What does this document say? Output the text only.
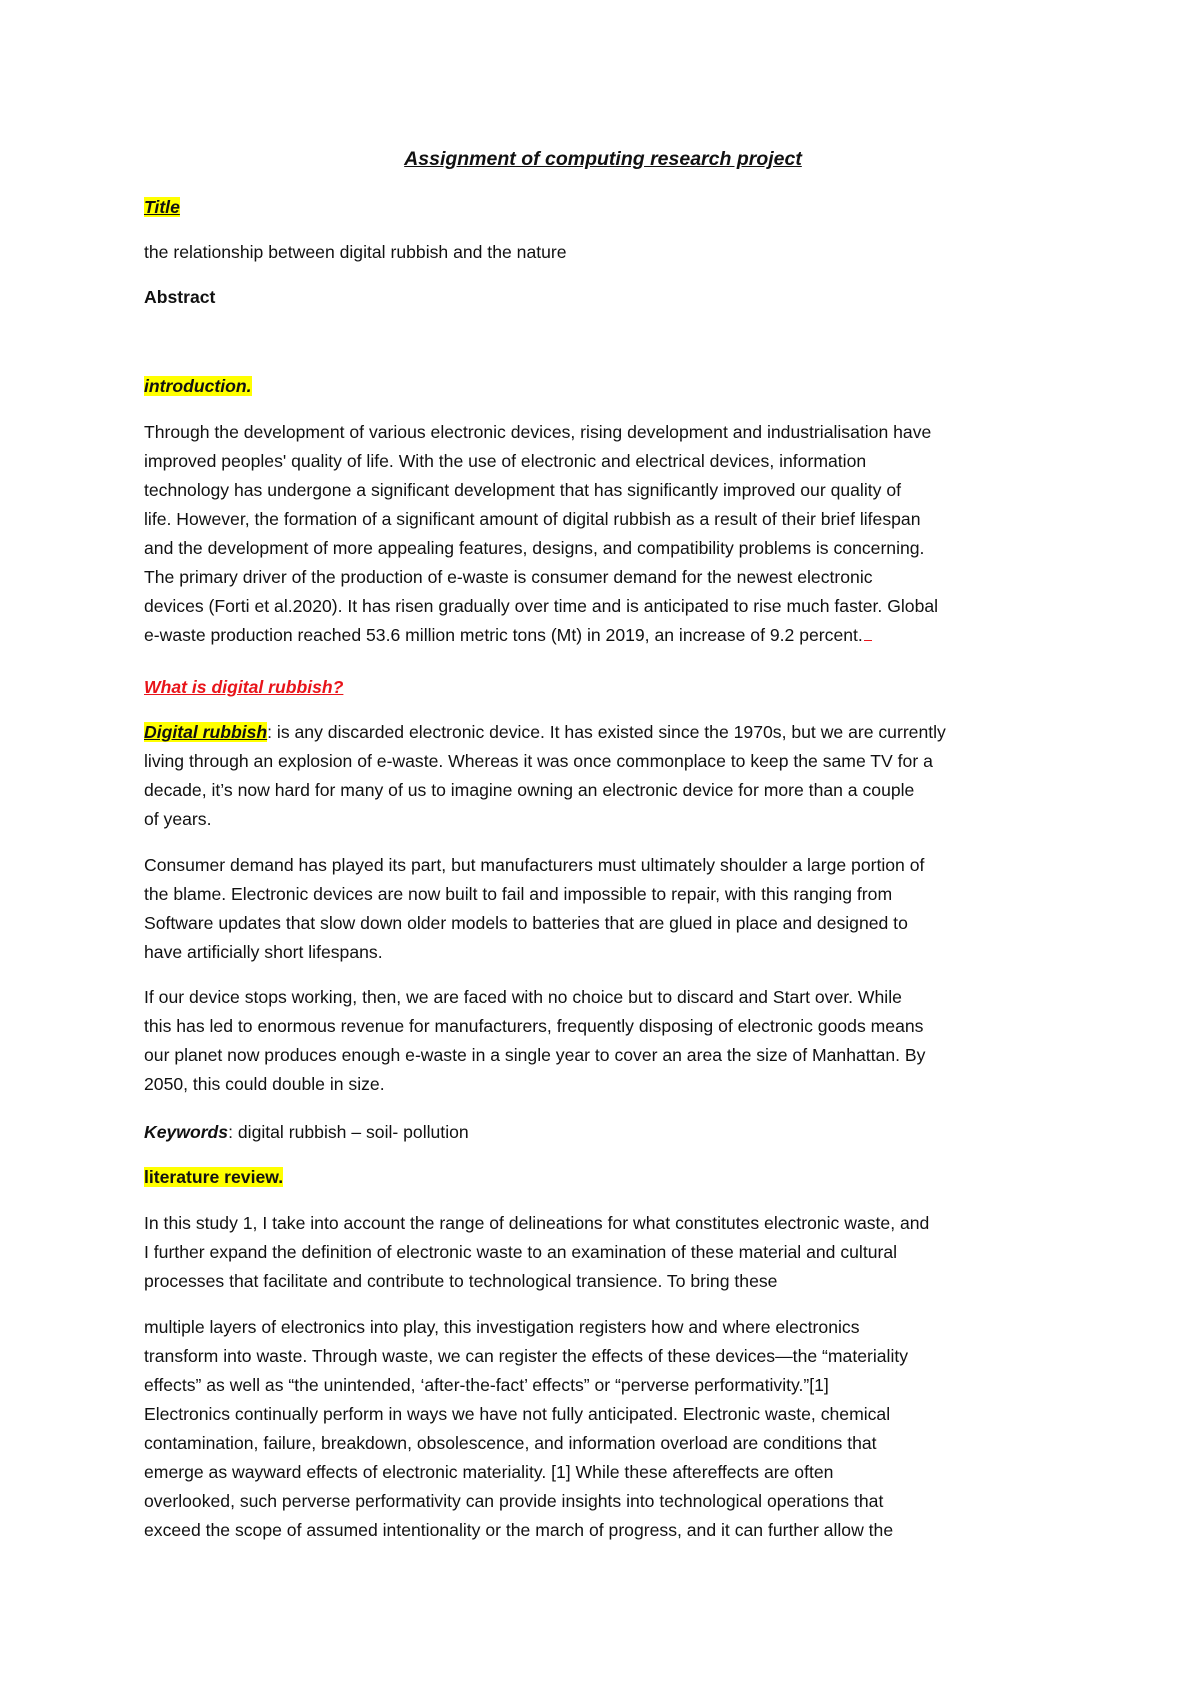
Assignment of computing research project

Title

the relationship between digital rubbish and the nature

Abstract

introduction.

Through the development of various electronic devices, rising development and industrialisation have
improved peoples' quality of life. With the use of electronic and electrical devices, information
technology has undergone a significant development that has significantly improved our quality of
life. However, the formation of a significant amount of digital rubbish as a result of their brief lifespan
and the development of more appealing features, designs, and compatibility problems is concerning.
The primary driver of the production of e-waste is consumer demand for the newest electronic
devices (Forti et al.2020). It has risen gradually over time and is anticipated to rise much faster. Global
e-waste production reached 53.6 million metric tons (Mt) in 2019, an increase of 9.2 percent.

What is digital rubbish?

Digital rubbish: is any discarded electronic device. It has existed since the 1970s, but we are currently
living through an explosion of e-waste. Whereas it was once commonplace to keep the same TV for a
decade, it’s now hard for many of us to imagine owning an electronic device for more than a couple
of years.
Consumer demand has played its part, but manufacturers must ultimately shoulder a large portion of
the blame. Electronic devices are now built to fail and impossible to repair, with this ranging from
Software updates that slow down older models to batteries that are glued in place and designed to
have artificially short lifespans.
If our device stops working, then, we are faced with no choice but to discard and Start over. While
this has led to enormous revenue for manufacturers, frequently disposing of electronic goods means
our planet now produces enough e-waste in a single year to cover an area the size of Manhattan. By
2050, this could double in size.

Keywords: digital rubbish – soil- pollution

literature review.

In this study 1, I take into account the range of delineations for what constitutes electronic waste, and
I further expand the definition of electronic waste to an examination of these material and cultural
processes that facilitate and contribute to technological transience. To bring these
multiple layers of electronics into play, this investigation registers how and where electronics
transform into waste. Through waste, we can register the effects of these devices—the “materiality
effects” as well as “the unintended, ‘after-the-fact’ effects” or “perverse performativity.”[1]
Electronics continually perform in ways we have not fully anticipated. Electronic waste, chemical
contamination, failure, breakdown, obsolescence, and information overload are conditions that
emerge as wayward effects of electronic materiality. [1] While these aftereffects are often
overlooked, such perverse performativity can provide insights into technological operations that
exceed the scope of assumed intentionality or the march of progress, and it can further allow the
